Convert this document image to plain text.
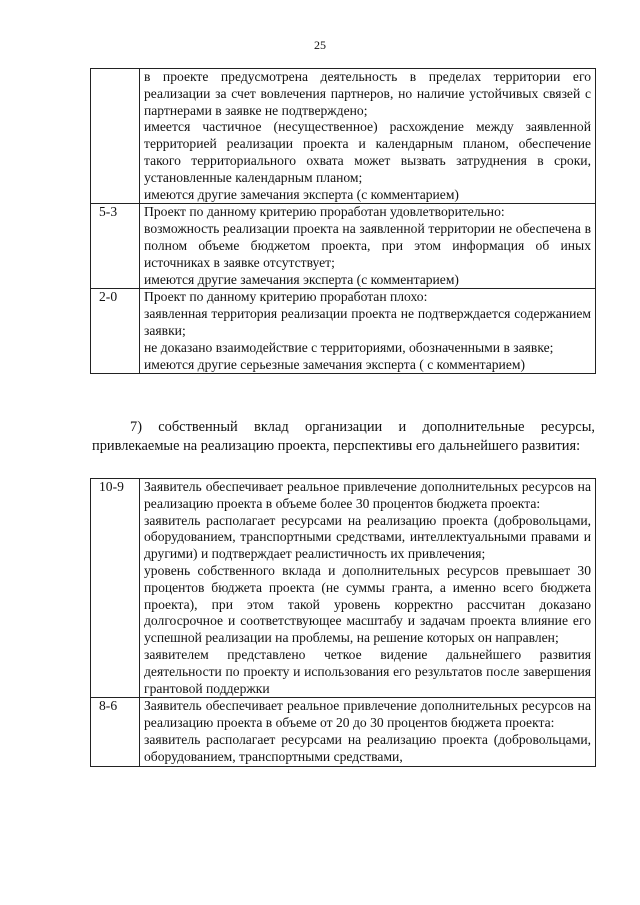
25

	в проекте предусмотрена деятельность в пределах территории его реализации за счет вовлечения партнеров, но наличие устойчивых связей с партнерами в заявке не подтверждено;

имеется частичное (несущественное) расхождение между заявленной территорией реализации проекта и календарным планом, обеспечение такого территориального охвата может вызвать затруднения в сроки, установленные календарным планом;

имеются другие замечания эксперта (с комментарием)

5-3	Проект по данному критерию проработан удовлетворительно:

возможность реализации проекта на заявленной территории не обеспечена в полном объеме бюджетом проекта, при этом информация об иных источниках в заявке отсутствует;

имеются другие замечания эксперта (с комментарием)

2-0	Проект по данному критерию проработан плохо:

заявленная территория реализации проекта не подтверждается содержанием заявки;

не доказано взаимодействие с территориями, обозначенными в заявке;

имеются другие серьезные замечания эксперта ( с комментарием)

7) собственный вклад организации и дополнительные ресурсы, привлекаемые на реализацию проекта, перспективы его дальнейшего развития:

10-9	Заявитель обеспечивает реальное привлечение дополнительных ресурсов на реализацию проекта в объеме более 30 процентов бюджета проекта:

заявитель располагает ресурсами на реализацию проекта (добровольцами, оборудованием, транспортными средствами, интеллектуальными правами и другими) и подтверждает реалистичность их привлечения;

уровень собственного вклада и дополнительных ресурсов превышает 30 процентов бюджета проекта (не суммы гранта, а именно всего бюджета проекта), при этом такой уровень корректно рассчитан доказано долгосрочное и соответствующее масштабу и задачам проекта влияние его успешной реализации на проблемы, на решение которых он направлен;

заявителем представлено четкое видение дальнейшего развития деятельности по проекту и использования его результатов после завершения грантовой поддержки

8-6	Заявитель обеспечивает реальное привлечение дополнительных ресурсов на реализацию проекта в объеме от 20 до 30 процентов бюджета проекта:

заявитель располагает ресурсами на реализацию проекта (добровольцами, оборудованием, транспортными средствами,
